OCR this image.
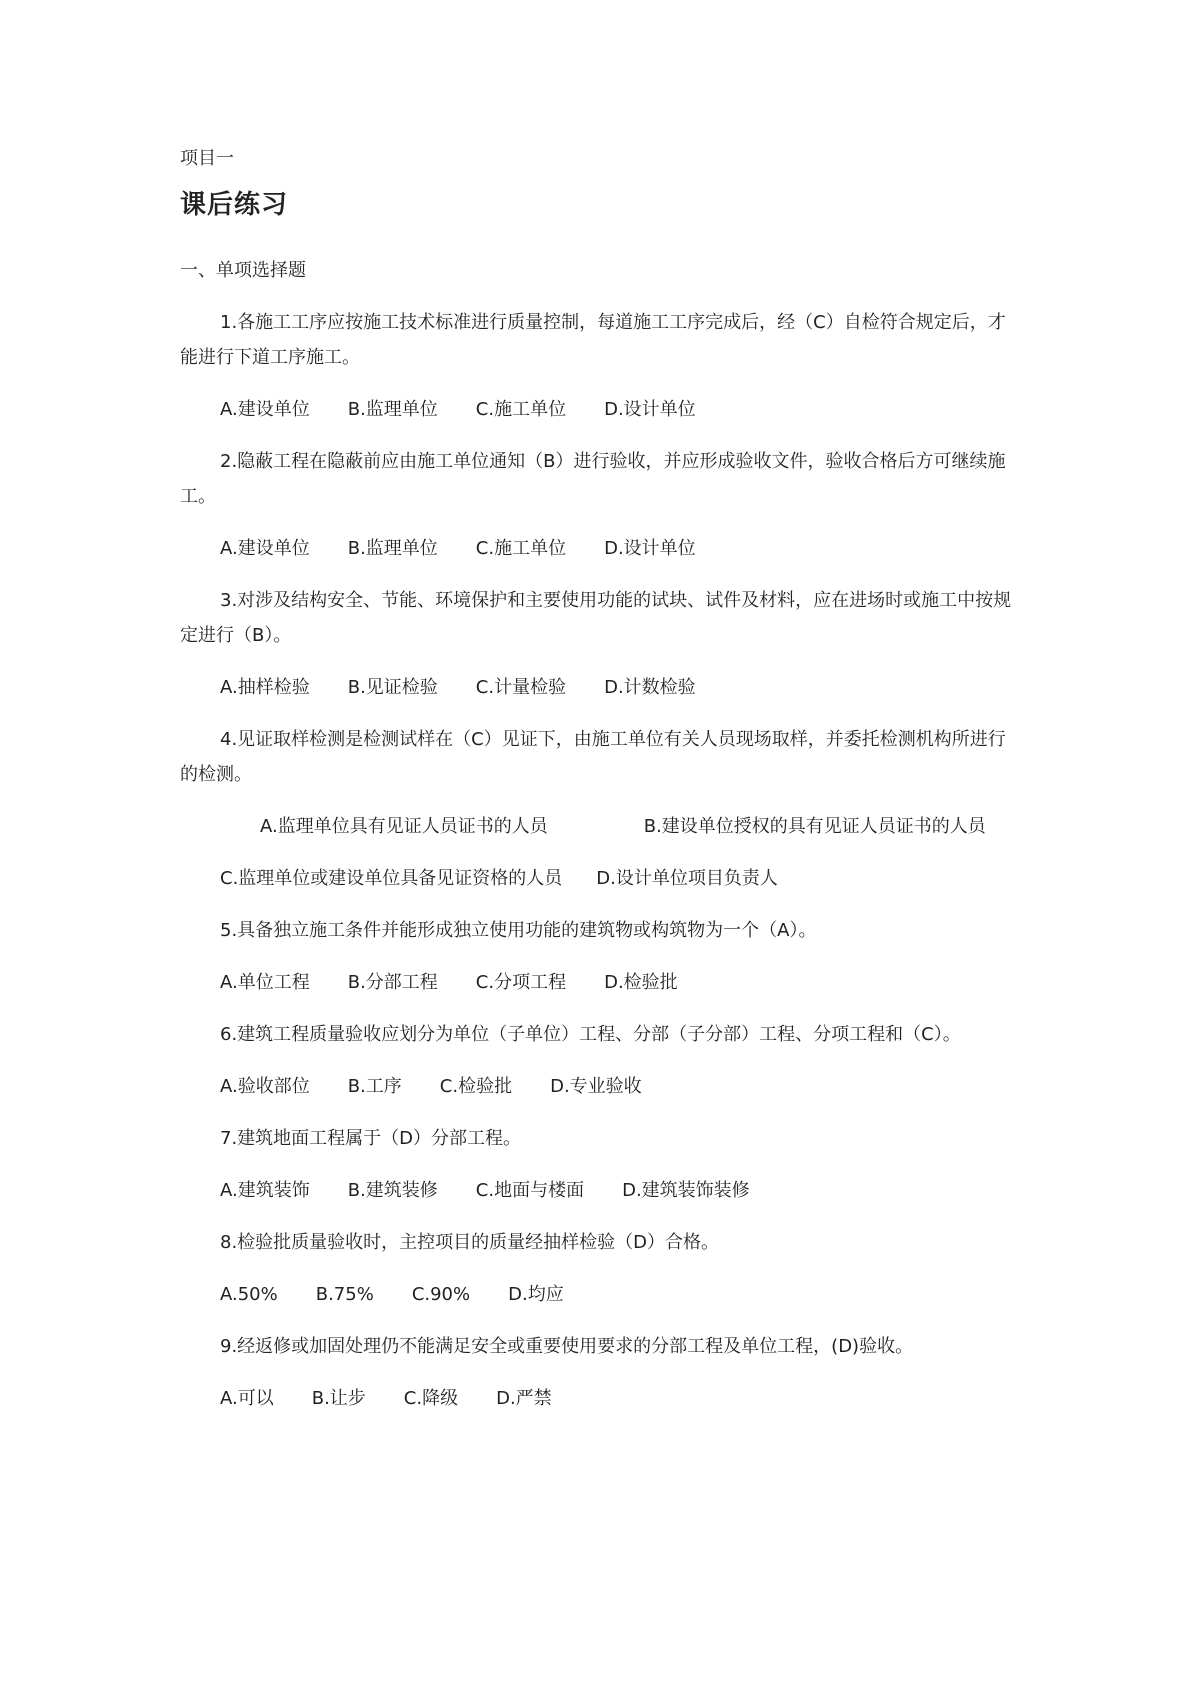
项目一
课后练习
一、单项选择题
1.各施工工序应按施工技术标准进行质量控制，每道施工工序完成后，经（C）自检符合规定后，才能进行下道工序施工。
A.建设单位 B.监理单位 C.施工单位 D.设计单位
2.隐蔽工程在隐蔽前应由施工单位通知（B）进行验收，并应形成验收文件，验收合格后方可继续施工。
A.建设单位 B.监理单位 C.施工单位 D.设计单位
3.对涉及结构安全、节能、环境保护和主要使用功能的试块、试件及材料，应在进场时或施工中按规定进行（B）。
A.抽样检验 B.见证检验 C.计量检验 D.计数检验
4.见证取样检测是检测试样在（C）见证下，由施工单位有关人员现场取样，并委托检测机构所进行的检测。
A.监理单位具有见证人员证书的人员	B.建设单位授权的具有见证人员证书的人员
C.监理单位或建设单位具备见证资格的人员 D.设计单位项目负责人
5.具备独立施工条件并能形成独立使用功能的建筑物或构筑物为一个（A）。
A.单位工程 B.分部工程 C.分项工程 D.检验批
6.建筑工程质量验收应划分为单位（子单位）工程、分部（子分部）工程、分项工程和（C）。
A.验收部位 B.工序 C.检验批 D.专业验收
7.建筑地面工程属于（D）分部工程。
A.建筑装饰 B.建筑装修 C.地面与楼面 D.建筑装饰装修
8.检验批质量验收时，主控项目的质量经抽样检验（D）合格。
A.50% B.75% C.90% D.均应
9.经返修或加固处理仍不能满足安全或重要使用要求的分部工程及单位工程，(D)验收。
A.可以 B.让步 C.降级 D.严禁
